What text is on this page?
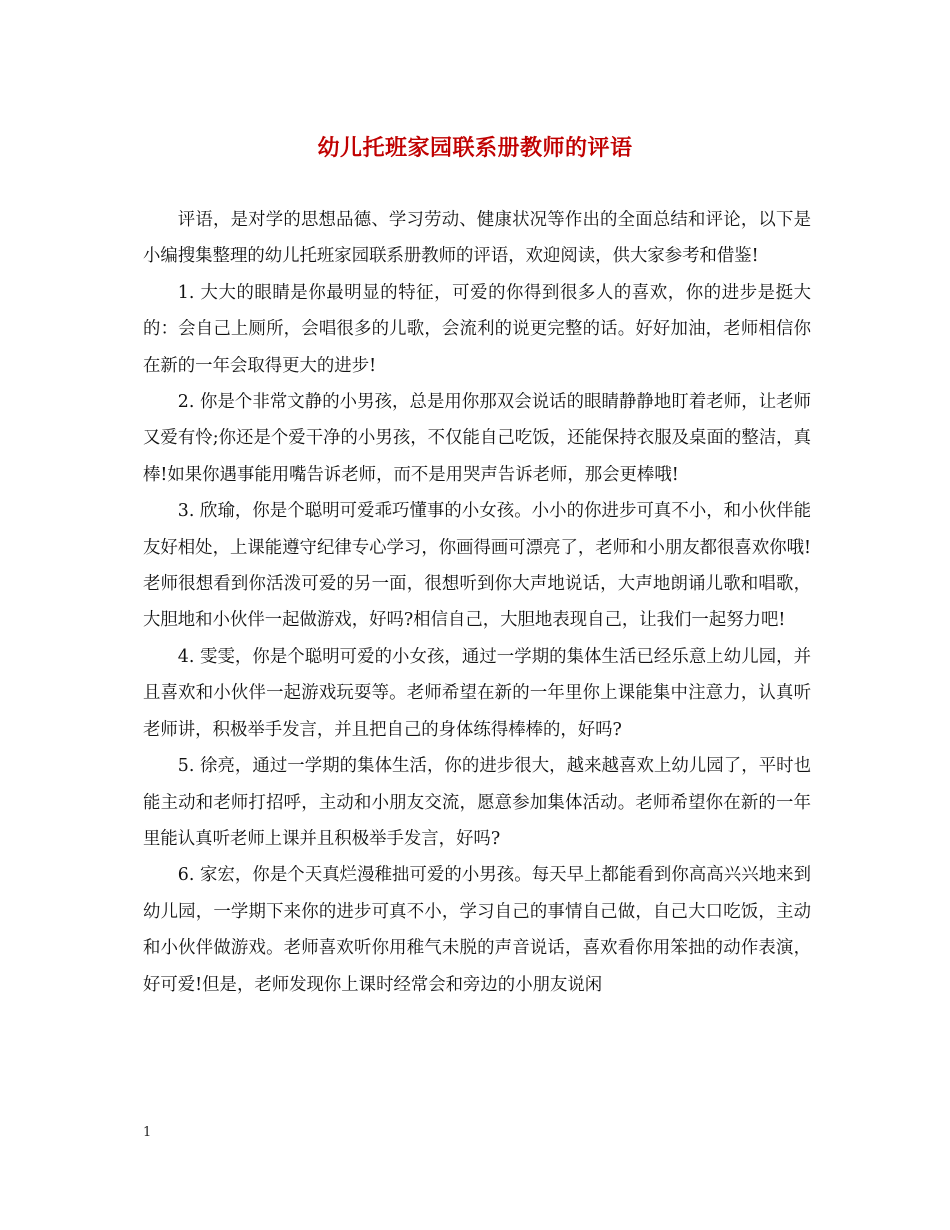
幼儿托班家园联系册教师的评语

评语，是对学的思想品德、学习劳动、健康状况等作出的全面总结和评论，以下是小编搜集整理的幼儿托班家园联系册教师的评语，欢迎阅读，供大家参考和借鉴!

1. 大大的眼睛是你最明显的特征，可爱的你得到很多人的喜欢，你的进步是挺大的：会自己上厕所，会唱很多的儿歌，会流利的说更完整的话。好好加油，老师相信你在新的一年会取得更大的进步!

2. 你是个非常文静的小男孩，总是用你那双会说话的眼睛静静地盯着老师，让老师又爱有怜;你还是个爱干净的小男孩，不仅能自己吃饭，还能保持衣服及桌面的整洁，真棒!如果你遇事能用嘴告诉老师，而不是用哭声告诉老师，那会更棒哦!

3. 欣瑜，你是个聪明可爱乖巧懂事的小女孩。小小的你进步可真不小，和小伙伴能友好相处，上课能遵守纪律专心学习，你画得画可漂亮了，老师和小朋友都很喜欢你哦!老师很想看到你活泼可爱的另一面，很想听到你大声地说话，大声地朗诵儿歌和唱歌，大胆地和小伙伴一起做游戏，好吗?相信自己，大胆地表现自己，让我们一起努力吧!

4. 雯雯，你是个聪明可爱的小女孩，通过一学期的集体生活已经乐意上幼儿园，并且喜欢和小伙伴一起游戏玩耍等。老师希望在新的一年里你上课能集中注意力，认真听老师讲，积极举手发言，并且把自己的身体练得棒棒的，好吗?

5. 徐亮，通过一学期的集体生活，你的进步很大，越来越喜欢上幼儿园了，平时也能主动和老师打招呼，主动和小朋友交流，愿意参加集体活动。老师希望你在新的一年里能认真听老师上课并且积极举手发言，好吗?

6. 家宏，你是个天真烂漫稚拙可爱的小男孩。每天早上都能看到你高高兴兴地来到幼儿园，一学期下来你的进步可真不小，学习自己的事情自己做，自己大口吃饭，主动和小伙伴做游戏。老师喜欢听你用稚气未脱的声音说话，喜欢看你用笨拙的动作表演，好可爱!但是，老师发现你上课时经常会和旁边的小朋友说闲

1
